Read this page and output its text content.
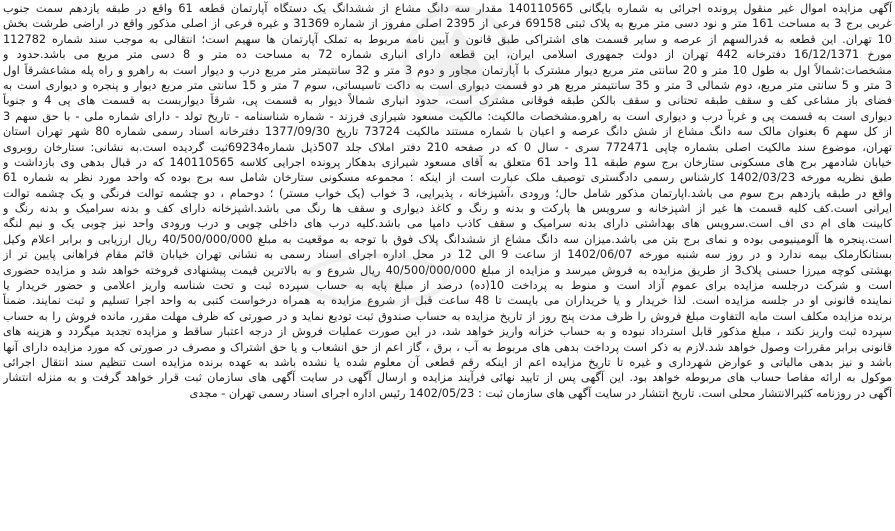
آگهی مزایده اموال غیر منقول پرونده اجرائی به شماره بایگانی 140110565 مقدار سه دانگ مشاع از ششدانگ یک دستگاه آپارتمان قطعه 61 واقع در طبقه یازدهم سمت جنوب
غربی برج 3 به مساحت 161 متر و نود دسی متر مربع به پلاک ثبتی 69158 فرعی از 2395 اصلی مفروز از شماره 31369 و غیره فرعی از اصلی مذکور واقع در اراضی طرشت بخش
10 تهران. این قطعه به قدرالسهم از عرصه و سایر قسمت های اشتراکی طبق قانون و آیین نامه مربوط به تملک آپارتمان ها سهیم است؛ انتقالی به موجب سند شماره 112782
مورخ 16/12/1371 دفترخانه 442 تهران از دولت جمهوری اسلامی ایران، این قطعه دارای انباری شماره 72 به مساحت ده متر و 8 دسی متر مربع می باشد.حدود و
مشخصات:شمالاً اول به طول 10 متر و 20 سانتی متر مربع دیوار مشترک با آپارتمان مجاور و دوم 3 متر و 32 سانتیمتر متر مربع درب و دیوار است به راهرو و راه پله مشاعشرقاً اول
3 متر و 5 سانتی متر مربع، دوم شمالی 3 متر و 35 سانتیمتر مربع هر دو قسمت دیواری است به داکت تاسیساتی، سوم 7 متر و 15 سانتی متر مربع دیوار و پنجره و دیواری است به
فضای باز مشاعی کف و سقف طبقه تحتانی و سقف بالکن طبقه فوقانی مشترک است، حدود انباری شمالاً دیوار به قسمت پی، شرقاً دیواربست به قسمت های پی 4 و جنوباً
دیواری است به قسمت پی و غرباً درب و دیواری است به راهرو.مشخصات مالکیت: مالکیت مسعود شیرازی فرزند - شماره شناسنامه - تاریخ تولد - دارای شماره ملی - با حق سهم 3
از کل سهم 6 بعنوان مالک سه دانگ مشاع از شش دانگ عرصه و اعیان با شماره مستند مالکیت 73724 تاریخ 1377/09/30 دفترخانه اسناد رسمی شماره 80 شهر تهران استان
تهران، موضوع سند مالکیت اصلی بشماره چاپی 772471 سری - سال 0 که در صفحه 210 دفتر املاک جلد 507ذیل شماره69234ثبت گردیده است.به نشانی: ستارخان روبروی
خیابان شادمهر برج های مسکونی ستارخان برج سوم طبقه 11 واحد 61 متعلق به آقای مسعود شیرازی بدهکار پرونده اجرایی کلاسه 140110565 که در قبال بدهی وی بازداشت و
طبق نظریه مورخه 1402/03/23 کارشناس رسمی دادگستری توصیف ملک عبارت است از اینکه : مجموعه مسکونی ستارخان شامل سه برج بوده که واحد مورد نظر به شماره 61
واقع در طبقه یازدهم برج سوم می باشد.اپارتمان مذکور شامل حال؛ ورودی ،آشپزخانه ، پذیرایی، 3 خواب (یک خواب مستر) ؛ دوحمام ، دو چشمه توالت فرنگی و یک چشمه توالت
ایرانی است.کف کلیه قسمت ها غیر از اشپزخانه و سرویس ها پارکت و بدنه و رنگ و کاغذ دیواری و سقف ها رنگ می باشد.اشپزخانه دارای کف و بدنه سرامیک و بدنه رنگ و
کابینت های ام دی اف است.سرویس های بهداشتی دارای بدنه سرامیک و سقف کاذب دامپا می باشد.کلیه درب های داخلی چوبی و درب ورودی واحد نیز چوبی یک و نیم لنگه
است.پنجره ها آلومینیومی بوده و نمای برج بتن می باشد.میزان سه دانگ مشاع از ششدانگ پلاک فوق با توجه به موقعیت به مبلغ 40/500/000/000 ریال ارزیابی و برابر اعلام وکیل
بستانکارملک بیمه ندارد و در روز سه شنبه مورخه 1402/06/07 از ساعت 9 الی 12 در محل اداره اجرای اسناد رسمی به نشانی تهران خیابان قائم مقام فراهانی پایین تر از
بهشتی کوچه میرزا حسنی پلاک3 از طریق مزایده به فروش میرسد و مزایده از مبلغ 40/500/000/000 ریال شروع و به بالاترین قیمت پیشنهادی فروخته خواهد شد و مزایده حضوری
است و شرکت درجلسه مزایده برای عموم آزاد است و منوط به پرداخت 10(ده) درصد از مبلغ پایه به حساب سپرده ثبت و تحت شناسه واریز اعلامی و حضور خریدار یا
نماینده قانونی او در جلسه مزایده است. لذا خریدار و یا خریداران می بایست تا 48 ساعت قبل از شروع مزایده به همراه درخواست کتبی به واحد اجرا تسلیم و ثبت نمایند. ضمناً
برنده مزایده مکلف است مابه التفاوت مبلغ فروش را ظرف مدت پنج روز از تاریخ مزایده به حساب صندوق ثبت تودیع نماید و در صورتی که ظرف مهلت مقرر، مانده فروش را به حساب
سپرده ثبت واریز نکند ، مبلغ مذکور قابل استرداد نبوده و به حساب خزانه واریز خواهد شد، در این صورت عملیات فروش از درجه اعتبار ساقط و مزایده تجدید میگردد و هزینه های
قانونی برابر مقررات وصول خواهد شد.لازم به ذکر است پرداخت بدهی های مربوط به آب ، برق ، گاز اعم از حق انشعاب و یا حق اشتراک و مصرف در صورتی که مورد مزایده دارای آنها
باشد و نیز بدهی مالیاتی و عوارض شهرداری و غیره تا تاریخ مزایده اعم از اینکه رقم قطعی آن معلوم شده یا نشده باشد به عهده برنده مزایده است تنظیم سند انتقال اجرائی
موکول به ارائه مفاصا حساب های مربوطه خواهد بود. این آگهی پس از تایید نهائی فرآیند مزایده و ارسال آگهی در سایت آگهی های سازمان ثبت قرار خواهد گرفت و به منزله انتشار
آگهی در روزنامه کثیرالانتشار محلی است. تاریخ انتشار در سایت آگهی های سازمان ثبت : 1402/05/23 رئیس اداره اجرای اسناد رسمی تهران - مجدی
